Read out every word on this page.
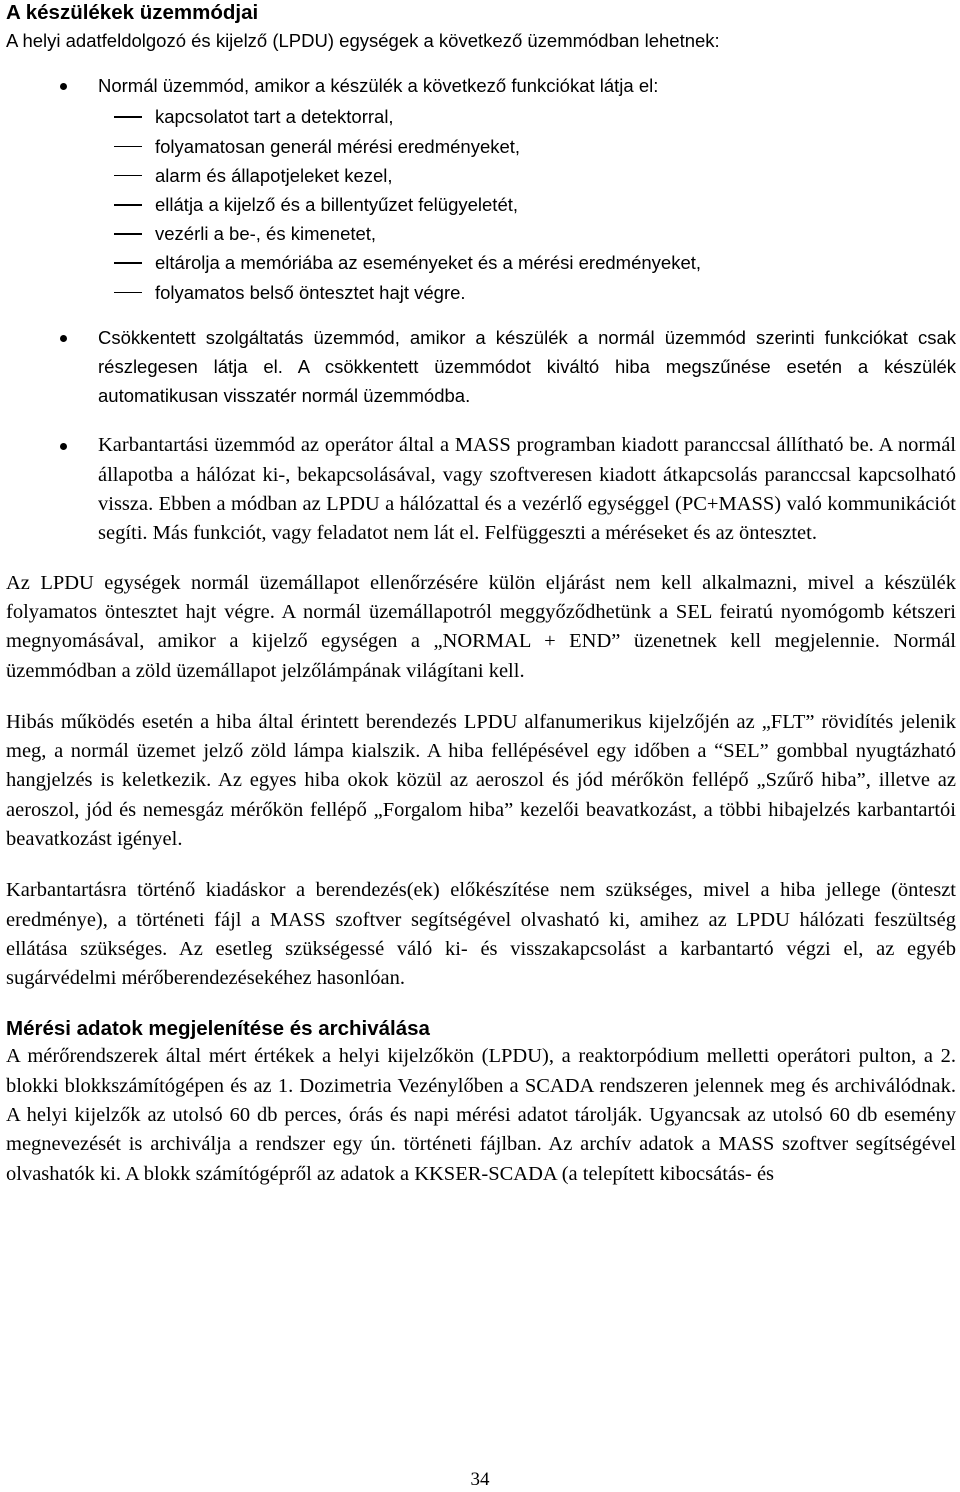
A készülékek üzemmódjai

A helyi adatfeldolgozó és kijelző (LPDU) egységek a következő üzemmódban lehetnek:

Normál üzemmód, amikor a készülék a következő funkciókat látja el:
kapcsolatot tart a detektorral,
folyamatosan generál mérési eredményeket,
alarm és állapotjeleket kezel,
ellátja a kijelző és a billentyűzet felügyeletét,
vezérli a be-, és kimenetet,
eltárolja a memóriába az eseményeket és a mérési eredményeket,
folyamatos belső öntesztet hajt végre.
Csökkentett szolgáltatás üzemmód, amikor a készülék a normál üzemmód szerinti funkciókat csak részlegesen látja el. A csökkentett üzemmódot kiváltó hiba megszűnése esetén a készülék automatikusan visszatér normál üzemmódba.
Karbantartási üzemmód az operátor által a MASS programban kiadott paranccsal állítható be. A normál állapotba a hálózat ki-, bekapcsolásával, vagy szoftveresen kiadott átkapcsolás paranccsal kapcsolható vissza. Ebben a módban az LPDU a hálózattal és a vezérlő egységgel (PC+MASS) való kommunikációt segíti. Más funkciót, vagy feladatot nem lát el. Felfüggeszti a méréseket és az öntesztet.

Az LPDU egységek normál üzemállapot ellenőrzésére külön eljárást nem kell alkalmazni, mivel a készülék folyamatos öntesztet hajt végre. A normál üzemállapotról meggyőződhetünk a SEL feiratú nyomógomb kétszeri megnyomásával, amikor a kijelző egységen a „NORMAL + END” üzenetnek kell megjelennie. Normál üzemmódban a zöld üzemállapot jelzőlámpának világítani kell.

Hibás működés esetén a hiba által érintett berendezés LPDU alfanumerikus kijelzőjén az „FLT” rövidítés jelenik meg, a normál üzemet jelző zöld lámpa kialszik. A hiba fellépésével egy időben a “SEL” gombbal nyugtázható hangjelzés is keletkezik. Az egyes hiba okok közül az aeroszol és jód mérőkön fellépő „Szűrő hiba”, illetve az aeroszol, jód és nemesgáz mérőkön fellépő „Forgalom hiba” kezelői beavatkozást, a többi hibajelzés karbantartói beavatkozást igényel.

Karbantartásra történő kiadáskor a berendezés(ek) előkészítése nem szükséges, mivel a hiba jellege (önteszt eredménye), a történeti fájl a MASS szoftver segítségével olvasható ki, amihez az LPDU hálózati feszültség ellátása szükséges. Az esetleg szükségessé váló ki- és visszakapcsolást a karbantartó végzi el, az egyéb sugárvédelmi mérőberendezésekéhez hasonlóan.

Mérési adatok megjelenítése és archiválása

A mérőrendszerek által mért értékek a helyi kijelzőkön (LPDU), a reaktorpódium melletti operátori pulton, a 2. blokki blokkszámítógépen és az 1. Dozimetria Vezénylőben a SCADA rendszeren jelennek meg és archiválódnak. A helyi kijelzők az utolsó 60 db perces, órás és napi mérési adatot tárolják. Ugyancsak az utolsó 60 db esemény megnevezését is archiválja a rendszer egy ún. történeti fájlban. Az archív adatok a MASS szoftver segítségével olvashatók ki. A blokk számítógépről az adatok a KKSER-SCADA (a telepített kibocsátás- és

34
